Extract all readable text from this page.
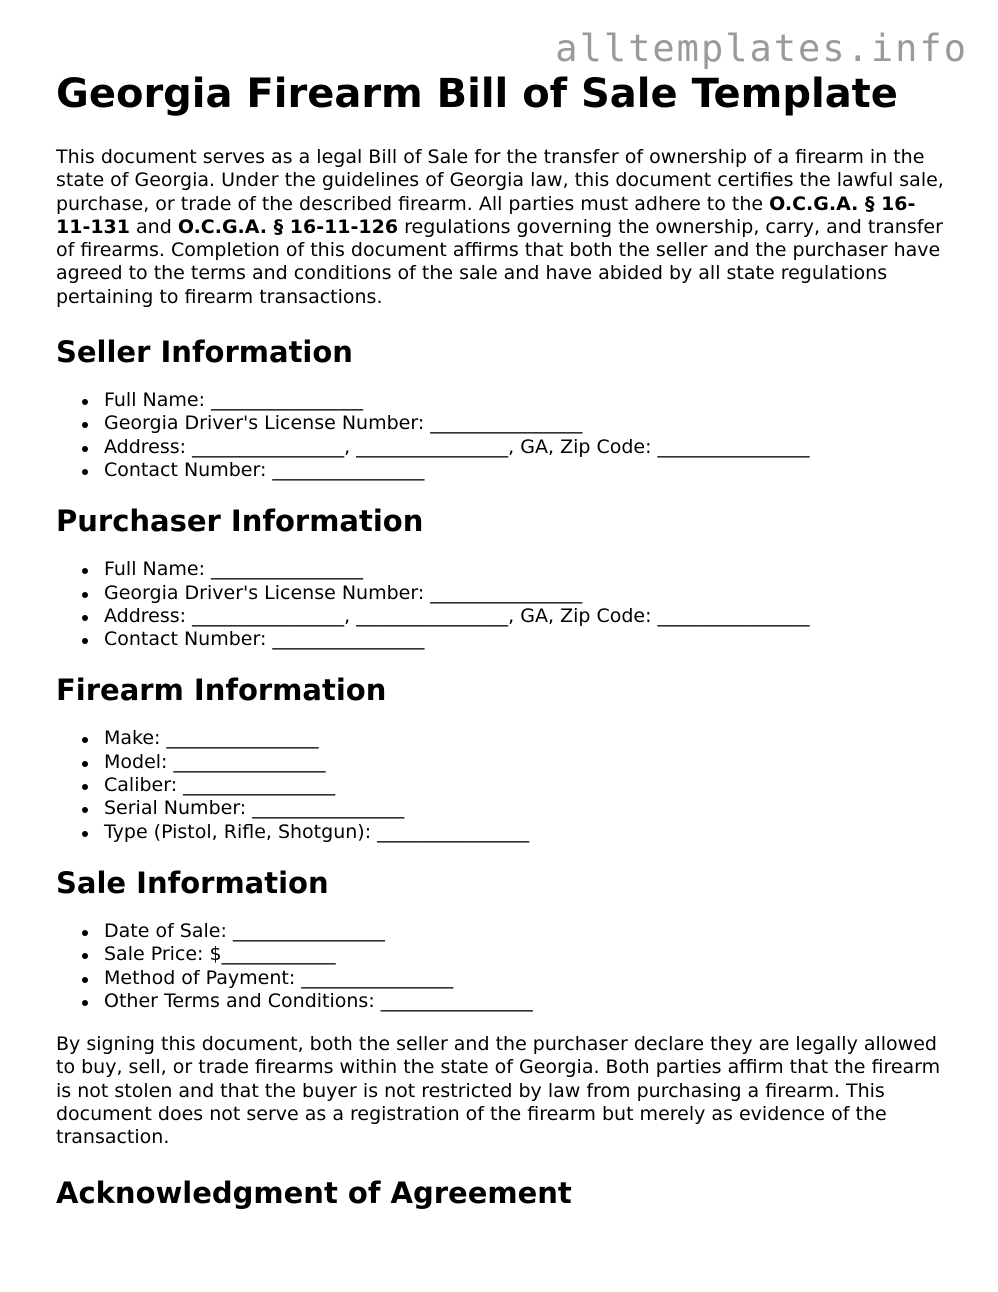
alltemplates.info
Georgia Firearm Bill of Sale Template

This document serves as a legal Bill of Sale for the transfer of ownership of a firearm in the state of Georgia. Under the guidelines of Georgia law, this document certifies the lawful sale, purchase, or trade of the described firearm. All parties must adhere to the O.C.G.A. § 16-11-131 and O.C.G.A. § 16-11-126 regulations governing the ownership, carry, and transfer of firearms. Completion of this document affirms that both the seller and the purchaser have agreed to the terms and conditions of the sale and have abided by all state regulations pertaining to firearm transactions.

Seller Information
Full Name: ________________
Georgia Driver's License Number: ________________
Address: ________________, ________________, GA, Zip Code: ________________
Contact Number: ________________
Purchaser Information
Full Name: ________________
Georgia Driver's License Number: ________________
Address: ________________, ________________, GA, Zip Code: ________________
Contact Number: ________________
Firearm Information
Make: ________________
Model: ________________
Caliber: ________________
Serial Number: ________________
Type (Pistol, Rifle, Shotgun): ________________
Sale Information
Date of Sale: ________________
Sale Price: $____________
Method of Payment: ________________
Other Terms and Conditions: ________________

By signing this document, both the seller and the purchaser declare they are legally allowed to buy, sell, or trade firearms within the state of Georgia. Both parties affirm that the firearm is not stolen and that the buyer is not restricted by law from purchasing a firearm. This document does not serve as a registration of the firearm but merely as evidence of the transaction.

Acknowledgment of Agreement
